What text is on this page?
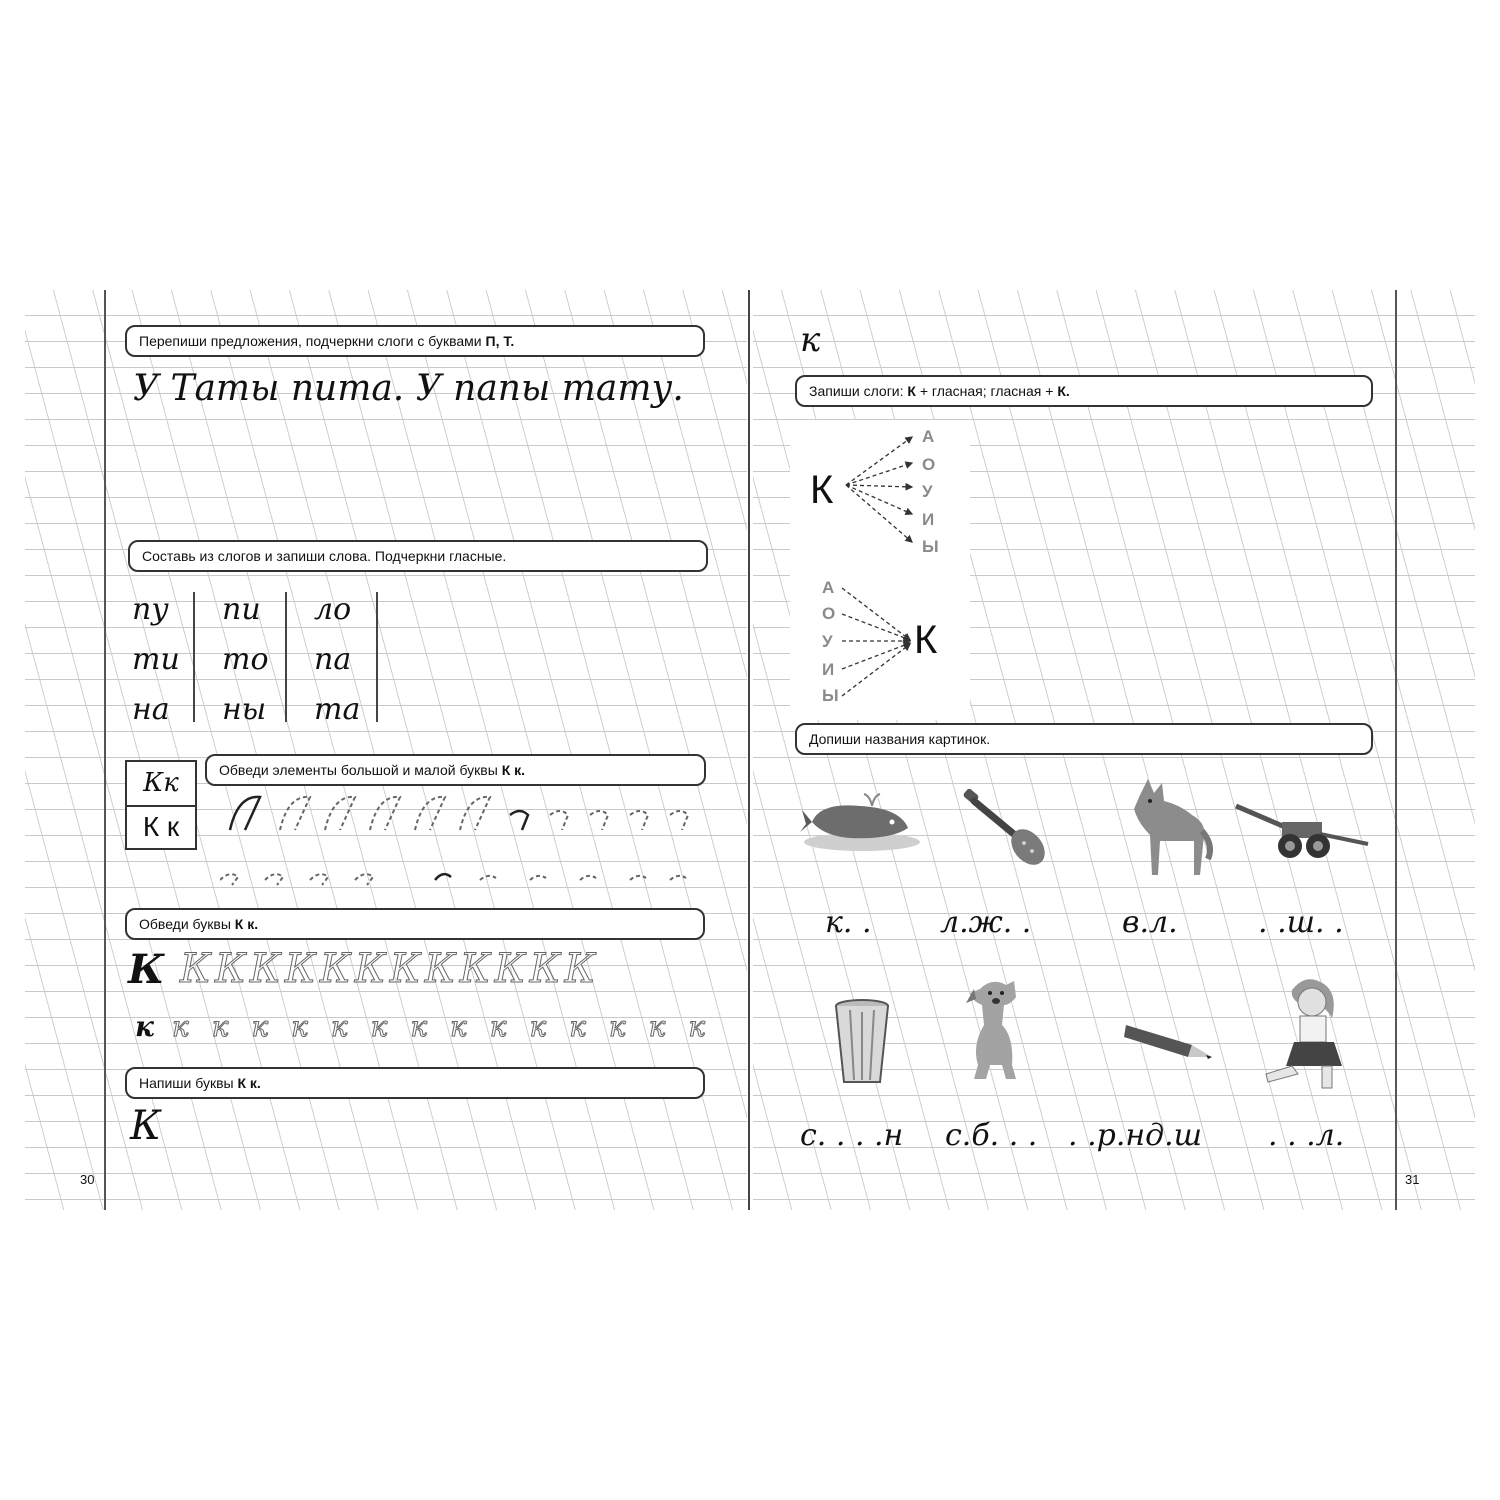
30
Перепиши предложения, подчеркни слоги с буквами П, Т.
У Таты пита. У папы тату.
Составь из слогов и запиши слова. Подчеркни гласные.
пу пи ло
ти то па
на ны та
Кк
К к
Обведи элементы большой и малой буквы К к.
Обведи буквы К к.
К КККККККККККК
к кккккккккккккк
Напиши буквы К к.
К
31
к
Запиши слоги: К + гласная; гласная + К.
К
А
О
У
И
Ы
А
О
У
И
Ы
К
Допиши названия картинок.
к. . л.ж. .	в.л.	. .ш. .
с. . . .н с.б. . . . .р.нд.ш . . .л.
